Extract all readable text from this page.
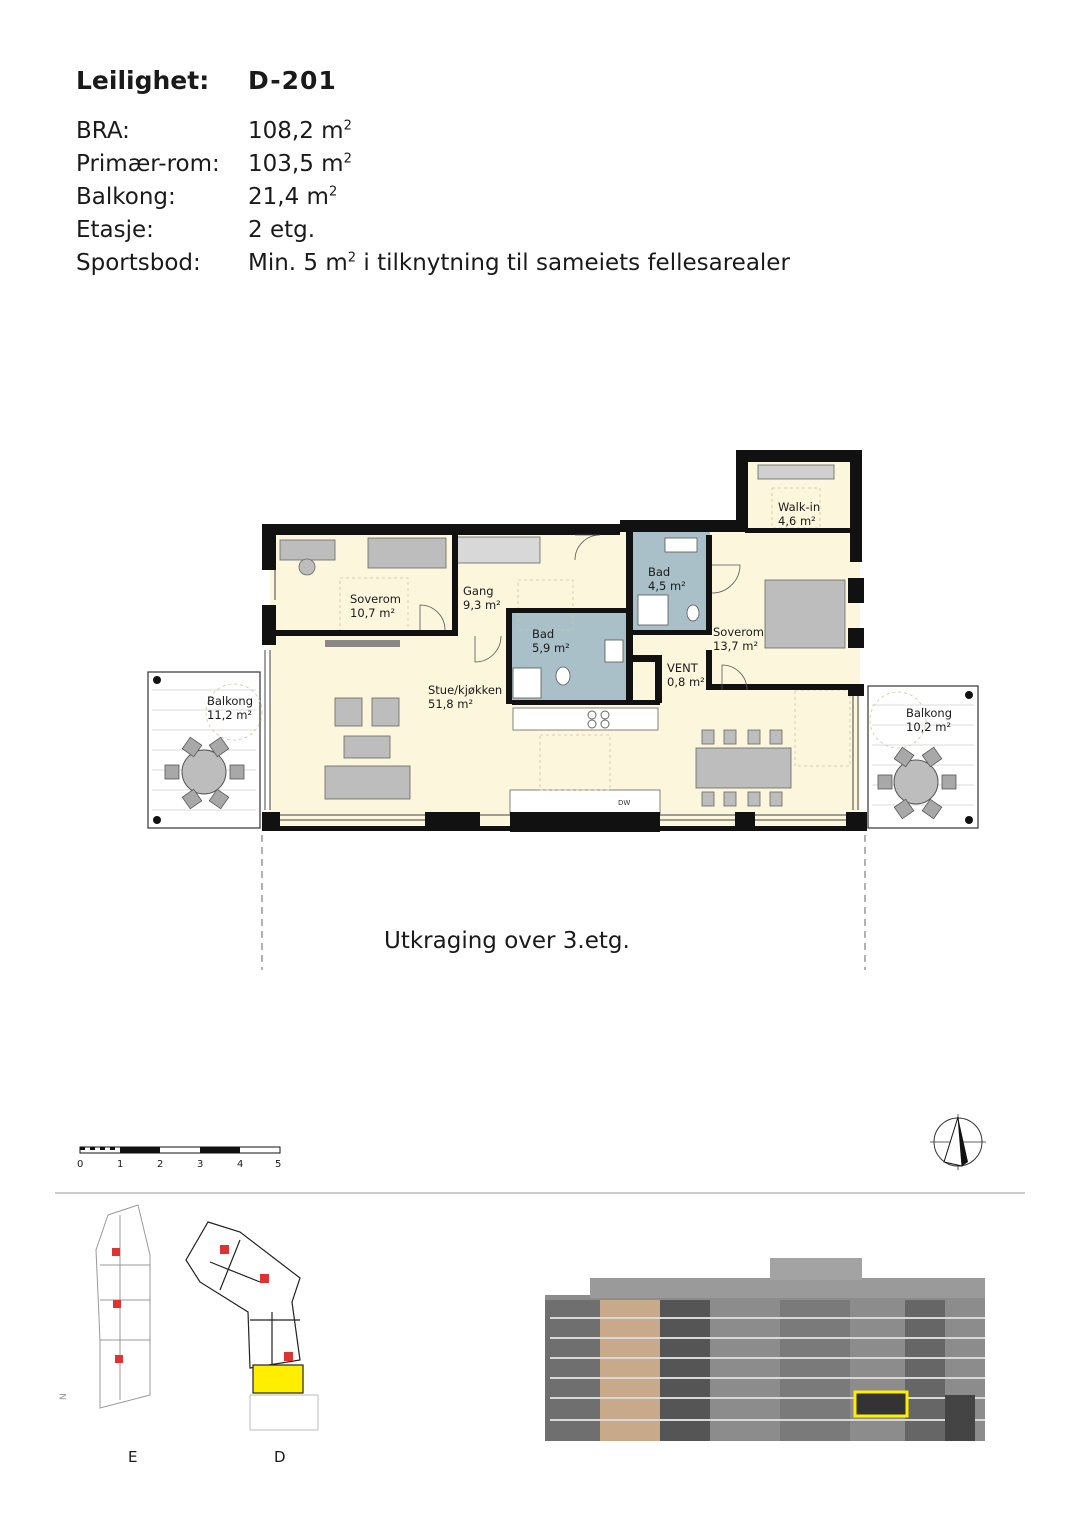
Leilighet:	D-201
BRA:	108,2 $m^2$
Primær-rom:	103,5 $m^2$
Balkong:	21,4 $m^2$
Etasje:	2 etg.
Sportsbod:	Min. 5 $m^2$ i tilknytning til sameiets fellesarealer
Soverom
10,7 m²
Gang
9,3 m²
Bad
5,9 m²
Bad
4,5 m²
Walk-in
4,6 m²
Soverom
13,7 m²
VENT
0,8 m²
Stue/kjøkken
51,8 m²
Balkong
11,2 m²	Balkong
10,2 m²
DW
0	1	2	3	4	5
N
Utkraging over 3.etg.
E	D
